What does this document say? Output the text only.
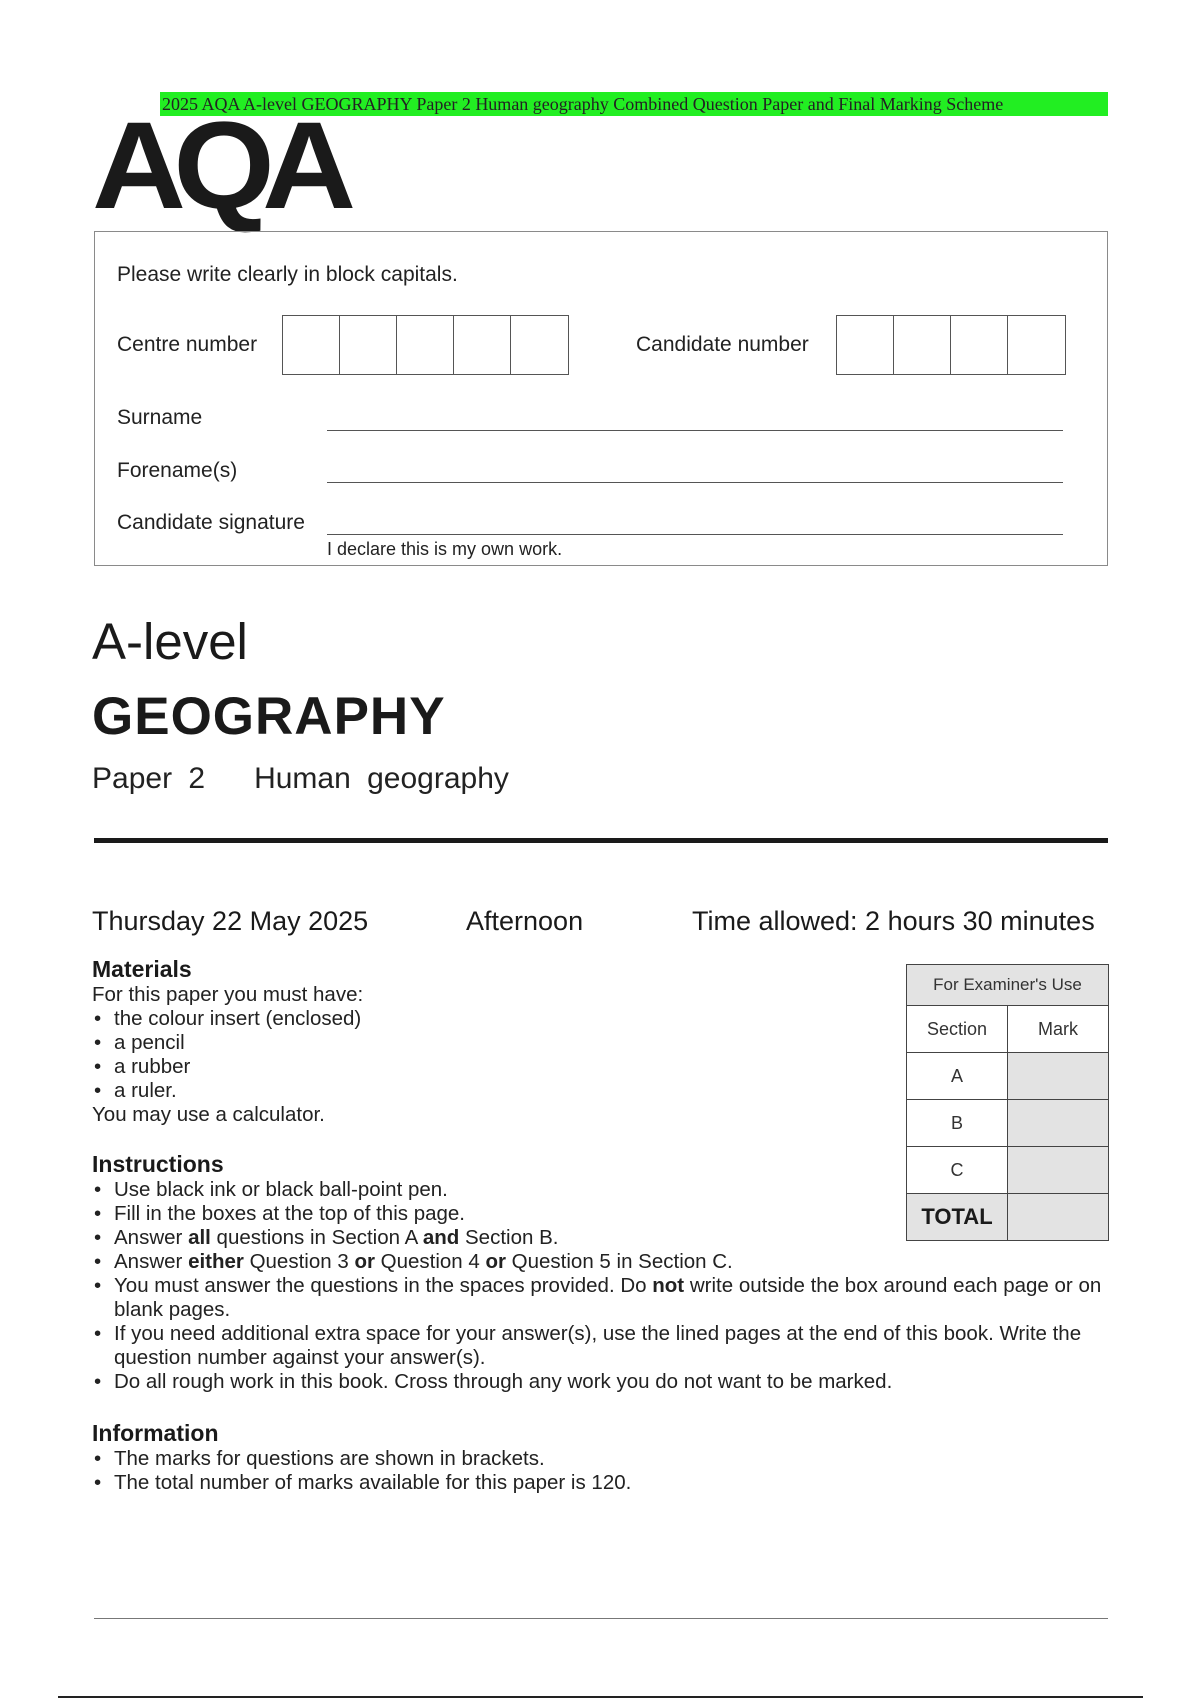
2025 AQA A-level GEOGRAPHY Paper 2 Human geography Combined Question Paper and Final Marking Scheme
AQA
Please write clearly in block capitals.
Centre number	Candidate number
Surname
Forename(s)
Candidate signature
I declare this is my own work.
A-level
GEOGRAPHY
Paper 2   Human geography
Thursday 22 May 2025	Afternoon	Time allowed: 2 hours 30 minutes
Materials
For this paper you must have:
• the colour insert (enclosed)
• a pencil
• a rubber
• a ruler.
You may use a calculator.
Instructions
• Use black ink or black ball-point pen.
• Fill in the boxes at the top of this page.
• Answer all questions in Section A and Section B.
• Answer either Question 3 or Question 4 or Question 5 in Section C.
• You must answer the questions in the spaces provided. Do not write outside the box around each page or on blank pages.
• If you need additional extra space for your answer(s), use the lined pages at the end of this book. Write the question number against your answer(s).
• Do all rough work in this book. Cross through any work you do not want to be marked.
Information
• The marks for questions are shown in brackets.
• The total number of marks available for this paper is 120.
For Examiner's Use	
Section	Mark
A	
B	
C	
TOTAL	
